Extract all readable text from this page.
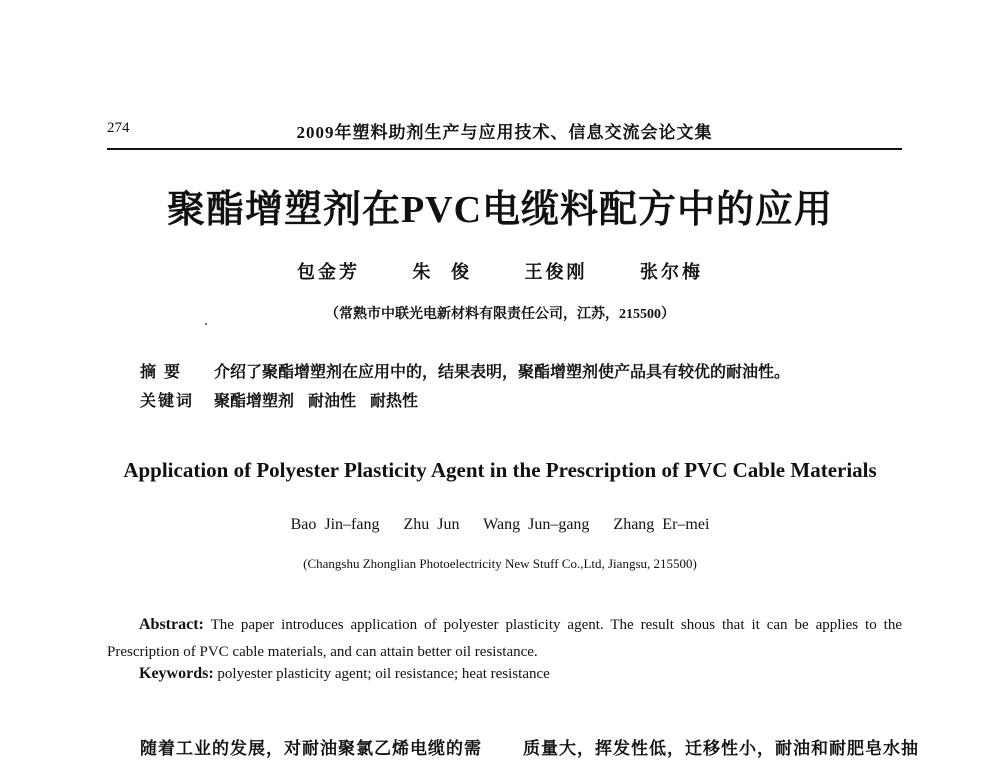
274	2009年塑料助剂生产与应用技术、信息交流会论文集
聚酯增塑剂在PVC电缆料配方中的应用
包金芳	朱 俊	王俊刚	张尔梅
（常熟市中联光电新材料有限责任公司，江苏，215500）
摘 要 介绍了聚酯增塑剂在应用中的，结果表明，聚酯增塑剂使产品具有较优的耐油性。
关键词 聚酯增塑剂 耐油性 耐热性
Application of Polyester Plasticity Agent in the Prescription of PVC Cable Materials
Bao Jin–fang   Zhu Jun   Wang Jun–gang   Zhang Er–mei
(Changshu Zhonglian Photoelectricity New Stuff Co.,Ltd, Jiangsu, 215500)

Abstract: The paper introduces application of polyester plasticity agent. The result shous that it can be applies to the Prescription of PVC cable materials, and can attain better oil resistance.

Keywords: polyester plasticity agent; oil resistance; heat resistance
随着工业的发展，对耐油聚氯乙烯电缆的需 质量大，挥发性低，迁移性小，耐油和耐肥皂水抽
